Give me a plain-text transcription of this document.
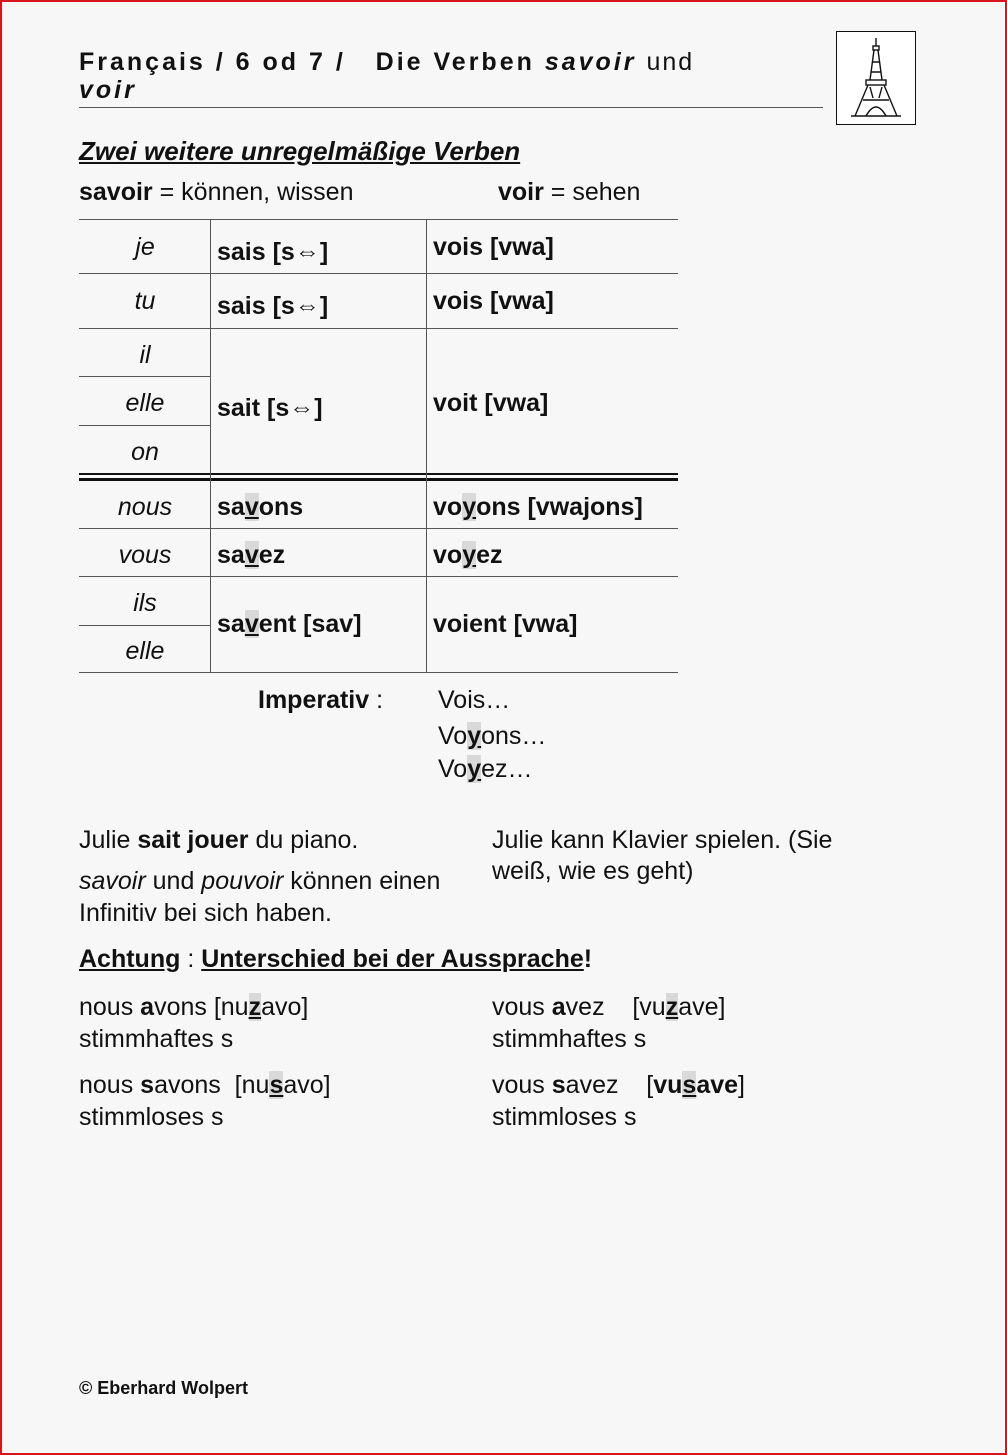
Français / 6 od 7 / Die Verben savoir und
voir
Zwei weitere unregelmäßige Verben
savoir = können, wissen	voir = sehen
je
tu
il
elle
on
nous
vous
ils
elle
sais [s⇔]
sais [s⇔]
sait [s⇔]
savons
savez
savent [sav]
vois [vwa]
vois [vwa]
voit [vwa]
voyons [vwajons]
voyez
voient [vwa]
Imperativ : Vois…
Voyons…
Voyez…
Julie sait jouer du piano.
savoir und pouvoir können einen
Infinitiv bei sich haben.
Julie kann Klavier spielen. (Sie
weiß, wie es geht)
Achtung : Unterschied bei der Aussprache!
nous avons [nuzavo]
stimmhaftes s
vous avez    [vuzave]
stimmhaftes s
nous savons  [nusavo]
stimmloses s
vous savez    [vusave]
stimmloses s
© Eberhard Wolpert
